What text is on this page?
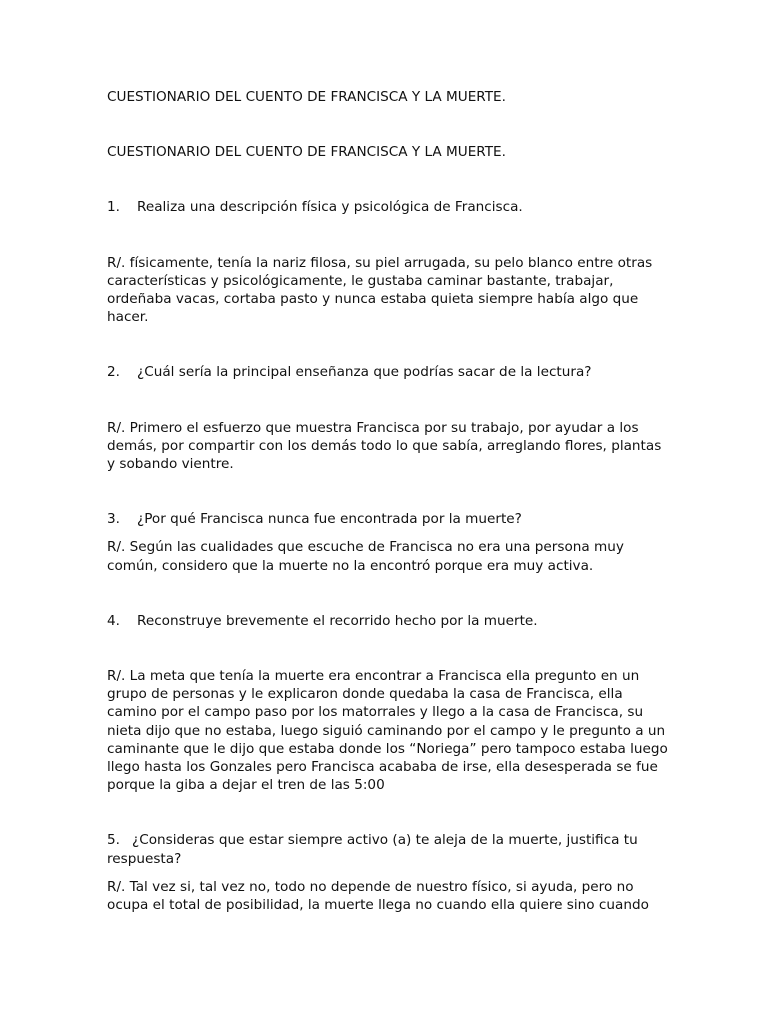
CUESTIONARIO DEL CUENTO DE FRANCISCA Y LA MUERTE.

CUESTIONARIO DEL CUENTO DE FRANCISCA Y LA MUERTE.

1. Realiza una descripción física y psicológica de Francisca.

R/. físicamente, tenía la nariz filosa, su piel arrugada, su pelo blanco entre otras características y psicológicamente, le gustaba caminar bastante, trabajar, ordeñaba vacas, cortaba pasto y nunca estaba quieta siempre había algo que hacer.

2. ¿Cuál sería la principal enseñanza que podrías sacar de la lectura?

R/. Primero el esfuerzo que muestra Francisca por su trabajo, por ayudar a los demás, por compartir con los demás todo lo que sabía, arreglando flores, plantas y sobando vientre.

3. ¿Por qué Francisca nunca fue encontrada por la muerte?

R/. Según las cualidades que escuche de Francisca no era una persona muy común, considero que la muerte no la encontró porque era muy activa.

4. Reconstruye brevemente el recorrido hecho por la muerte.

R/. La meta que tenía la muerte era encontrar a Francisca ella pregunto en un grupo de personas y le explicaron donde quedaba la casa de Francisca, ella camino por el campo paso por los matorrales y llego a la casa de Francisca, su nieta dijo que no estaba, luego siguió caminando por el campo y le pregunto a un caminante que le dijo que estaba donde los “Noriega” pero tampoco estaba luego llego hasta los Gonzales pero Francisca acababa de irse, ella desesperada se fue porque la giba a dejar el tren de las 5:00

5. ¿Consideras que estar siempre activo (a) te aleja de la muerte, justifica tu respuesta?

R/. Tal vez si, tal vez no, todo no depende de nuestro físico, si ayuda, pero no ocupa el total de posibilidad, la muerte llega no cuando ella quiere sino cuando
